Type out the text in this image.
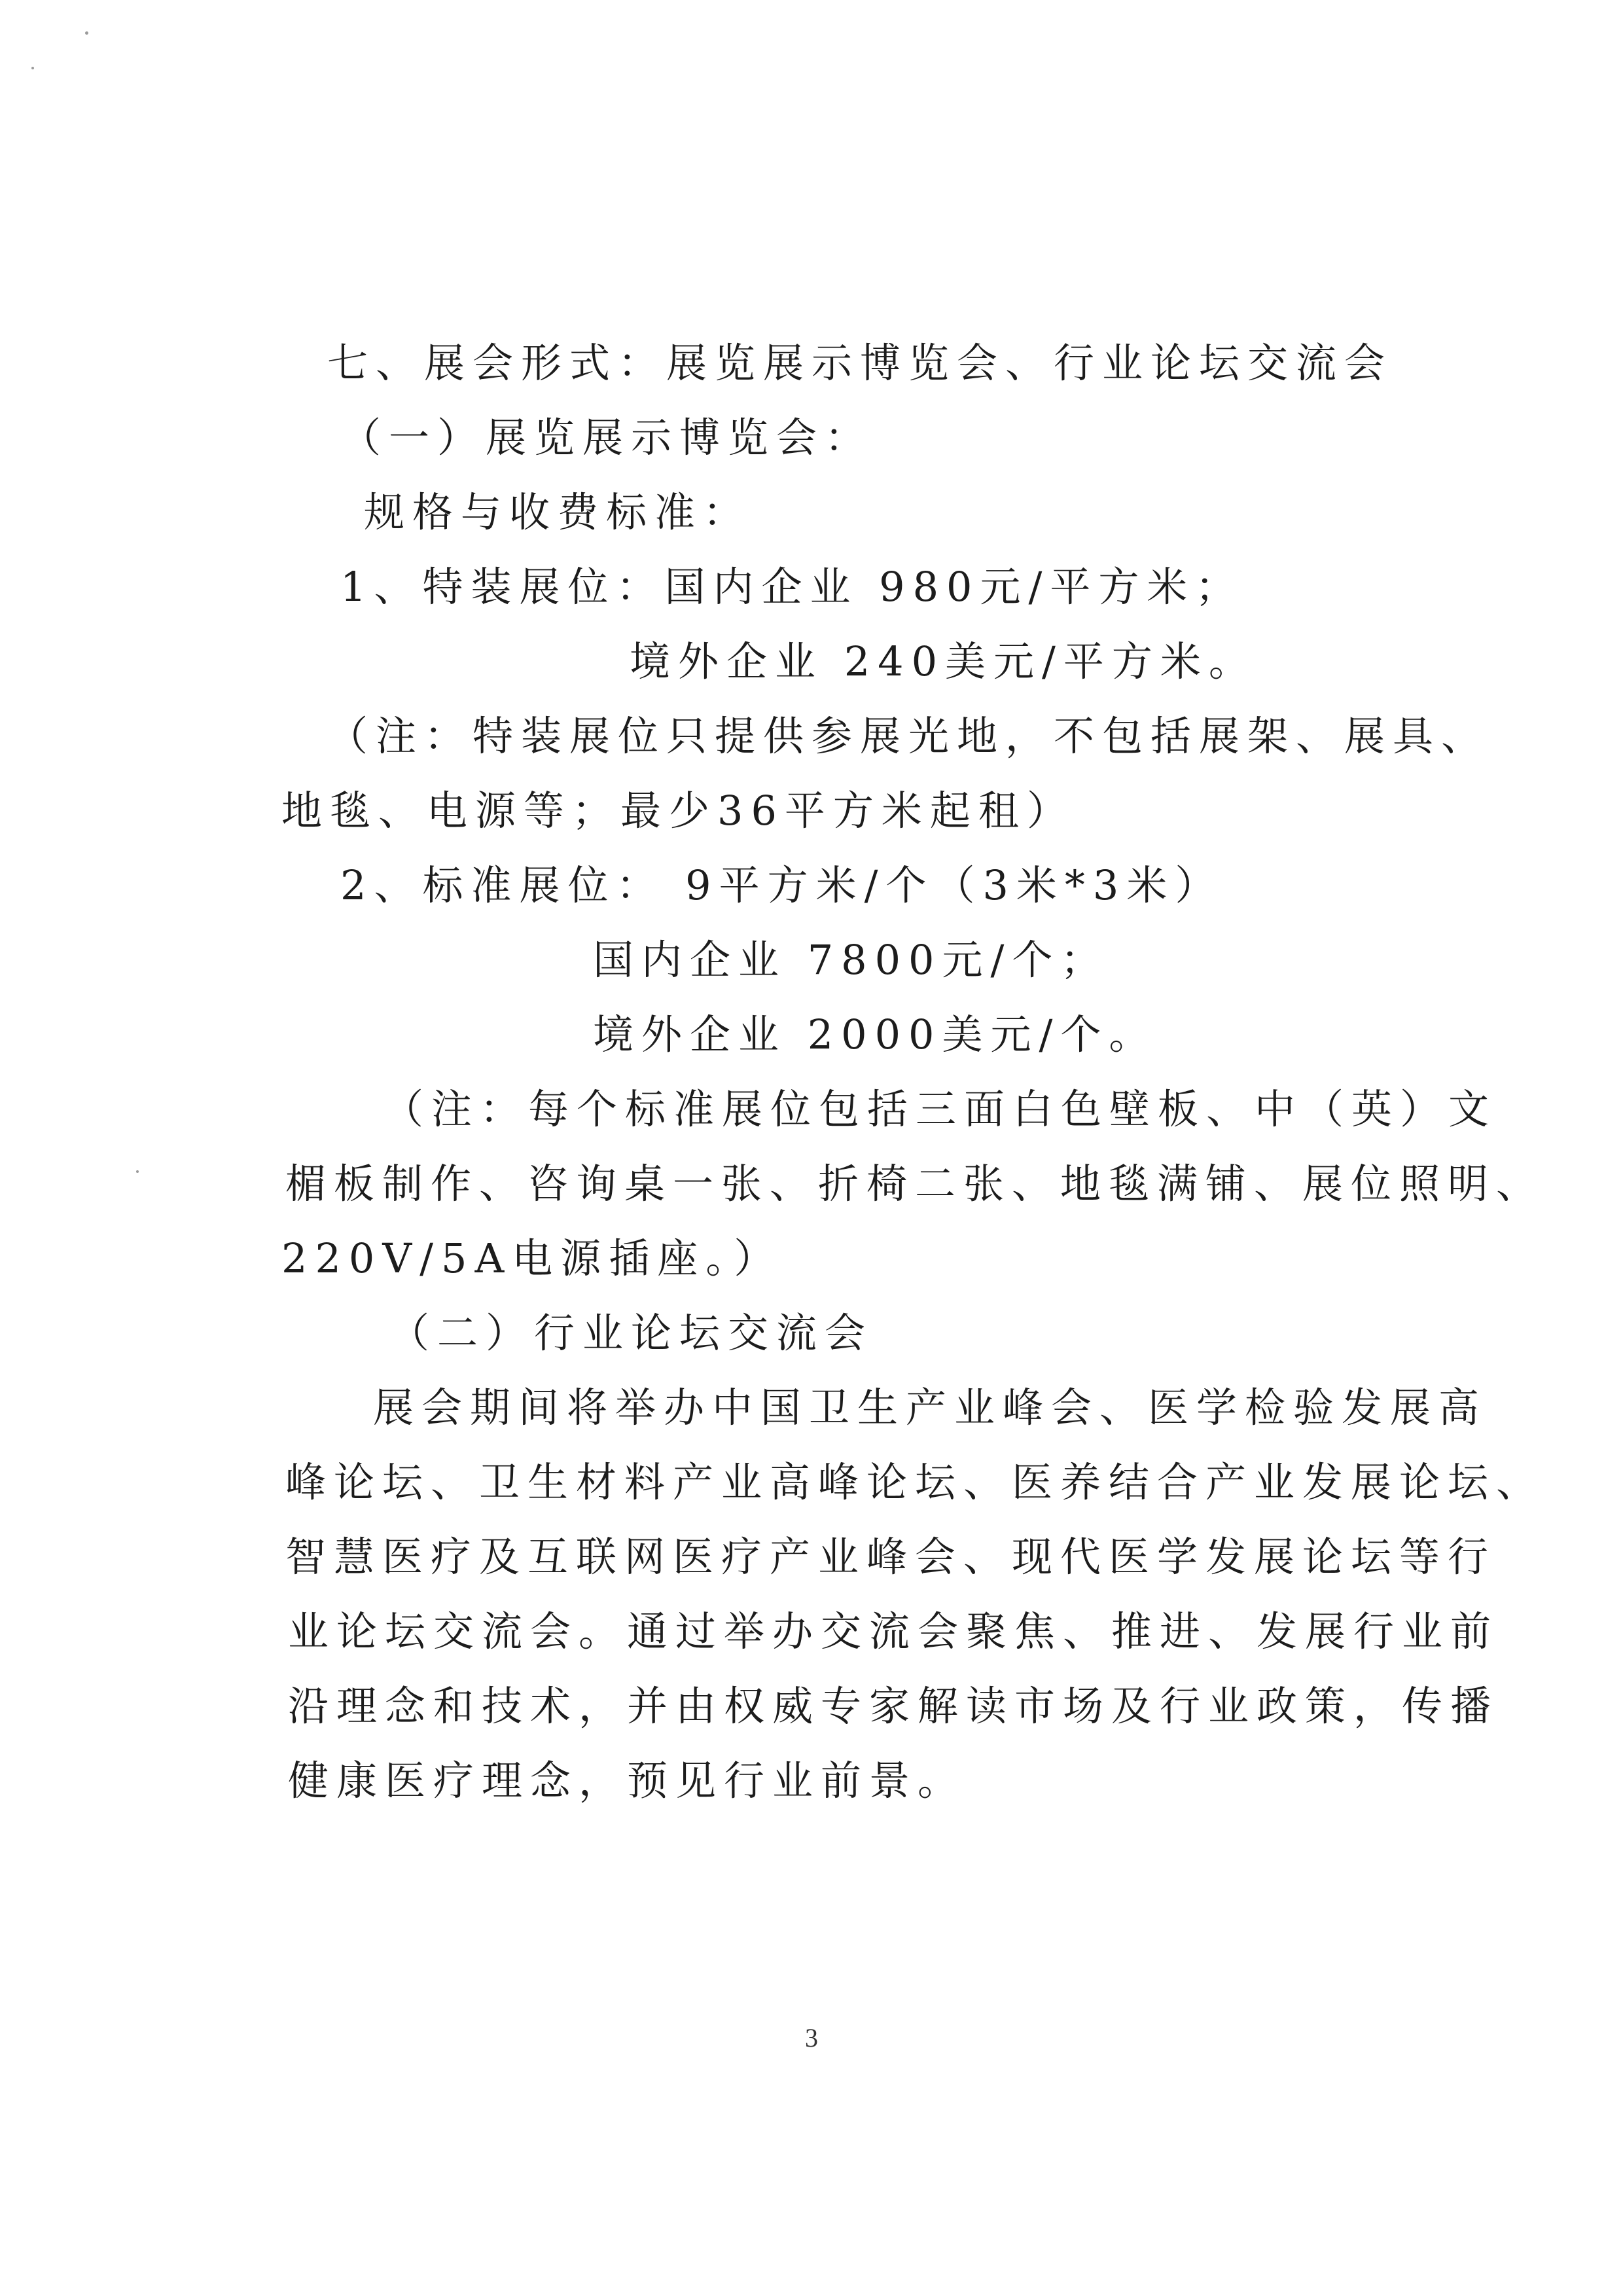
七、展会形式：展览展示博览会、行业论坛交流会
（一）展览展示博览会：
规格与收费标准：
1、特装展位：国内企业 980元/平方米；
境外企业 240美元/平方米。
（注：特装展位只提供参展光地，不包括展架、展具、
地毯、电源等；最少36平方米起租）
2、标准展位： 9平方米/个（3米*3米）
国内企业 7800元/个；
境外企业 2000美元/个。
（注：每个标准展位包括三面白色壁板、中（英）文
楣板制作、咨询桌一张、折椅二张、地毯满铺、展位照明、
220V/5A电源插座。）
（二）行业论坛交流会
展会期间将举办中国卫生产业峰会、医学检验发展高
峰论坛、卫生材料产业高峰论坛、医养结合产业发展论坛、
智慧医疗及互联网医疗产业峰会、现代医学发展论坛等行
业论坛交流会。通过举办交流会聚焦、推进、发展行业前
沿理念和技术，并由权威专家解读市场及行业政策，传播
健康医疗理念，预见行业前景。
3
